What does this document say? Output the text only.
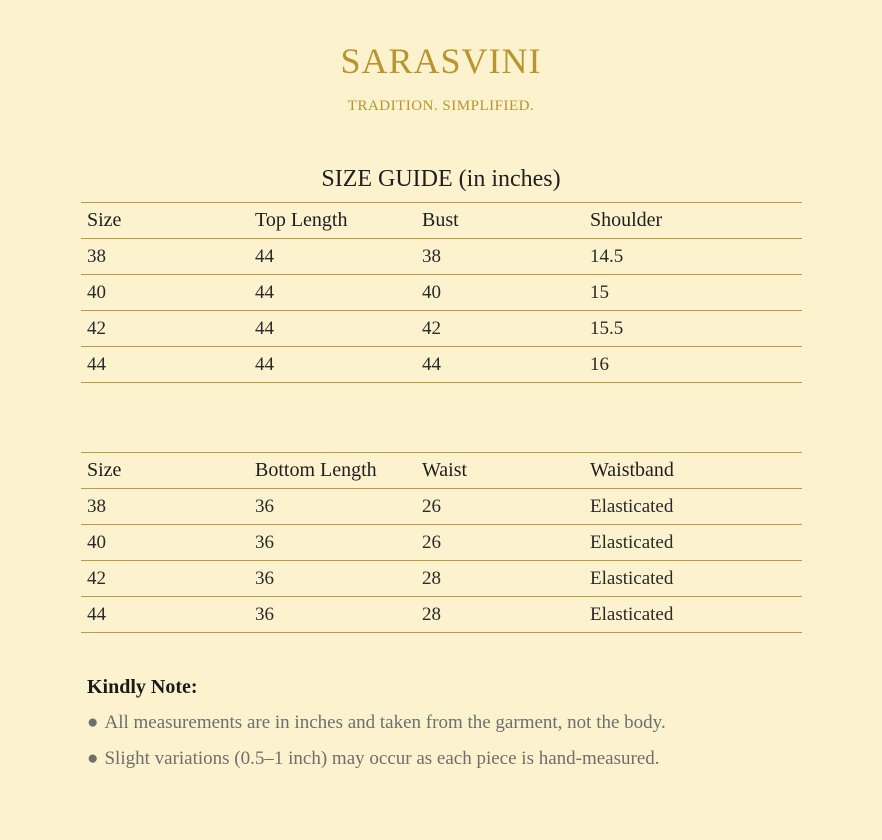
SARASVINI
TRADITION. SIMPLIFIED.
SIZE GUIDE (in inches)
Size	Top Length	Bust	Shoulder
38	44	38	14.5
40	44	40	15
42	44	42	15.5
44	44	44	16
Size	Bottom Length	Waist	Waistband
38	36	26	Elasticated
40	36	26	Elasticated
42	36	28	Elasticated
44	36	28	Elasticated
Kindly Note:
● All measurements are in inches and taken from the garment, not the body.
● Slight variations (0.5–1 inch) may occur as each piece is hand-measured.
